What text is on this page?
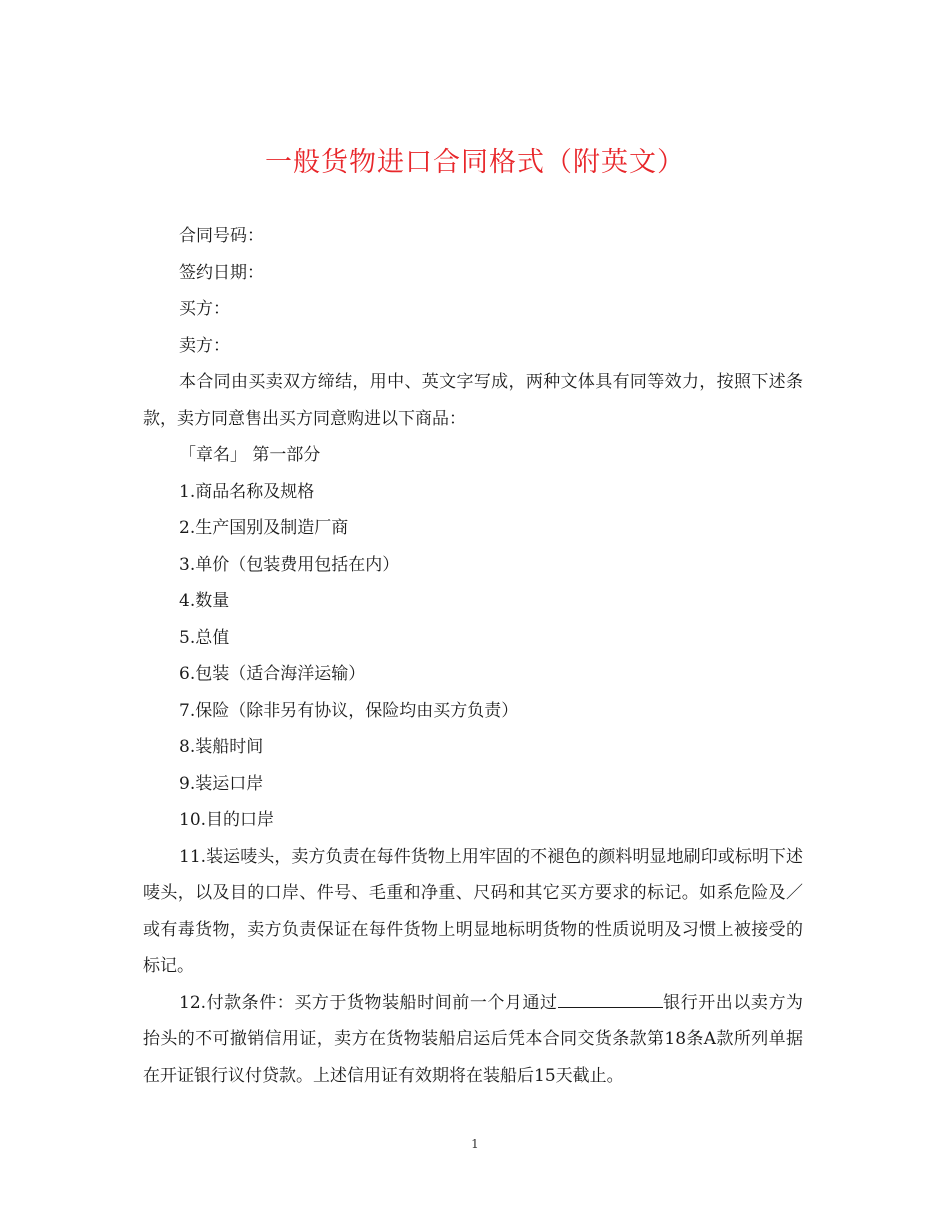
一般货物进口合同格式（附英文）

合同号码：

签约日期：

买方：

卖方：

本合同由买卖双方缔结，用中、英文字写成，两种文体具有同等效力，按照下述条款，卖方同意售出买方同意购进以下商品：

「章名」 第一部分

1.商品名称及规格

2.生产国别及制造厂商

3.单价（包装费用包括在内）

4.数量

5.总值

6.包装（适合海洋运输）

7.保险（除非另有协议，保险均由买方负责）

8.装船时间

9.装运口岸

10.目的口岸

11.装运唛头，卖方负责在每件货物上用牢固的不褪色的颜料明显地刷印或标明下述唛头，以及目的口岸、件号、毛重和净重、尺码和其它买方要求的标记。如系危险及／或有毒货物，卖方负责保证在每件货物上明显地标明货物的性质说明及习惯上被接受的标记。

12.付款条件：买方于货物装船时间前一个月通过	银行开出以卖方为抬头的不可撤销信用证，卖方在货物装船启运后凭本合同交货条款第18条A款所列单据在开证银行议付贷款。上述信用证有效期将在装船后15天截止。

1
